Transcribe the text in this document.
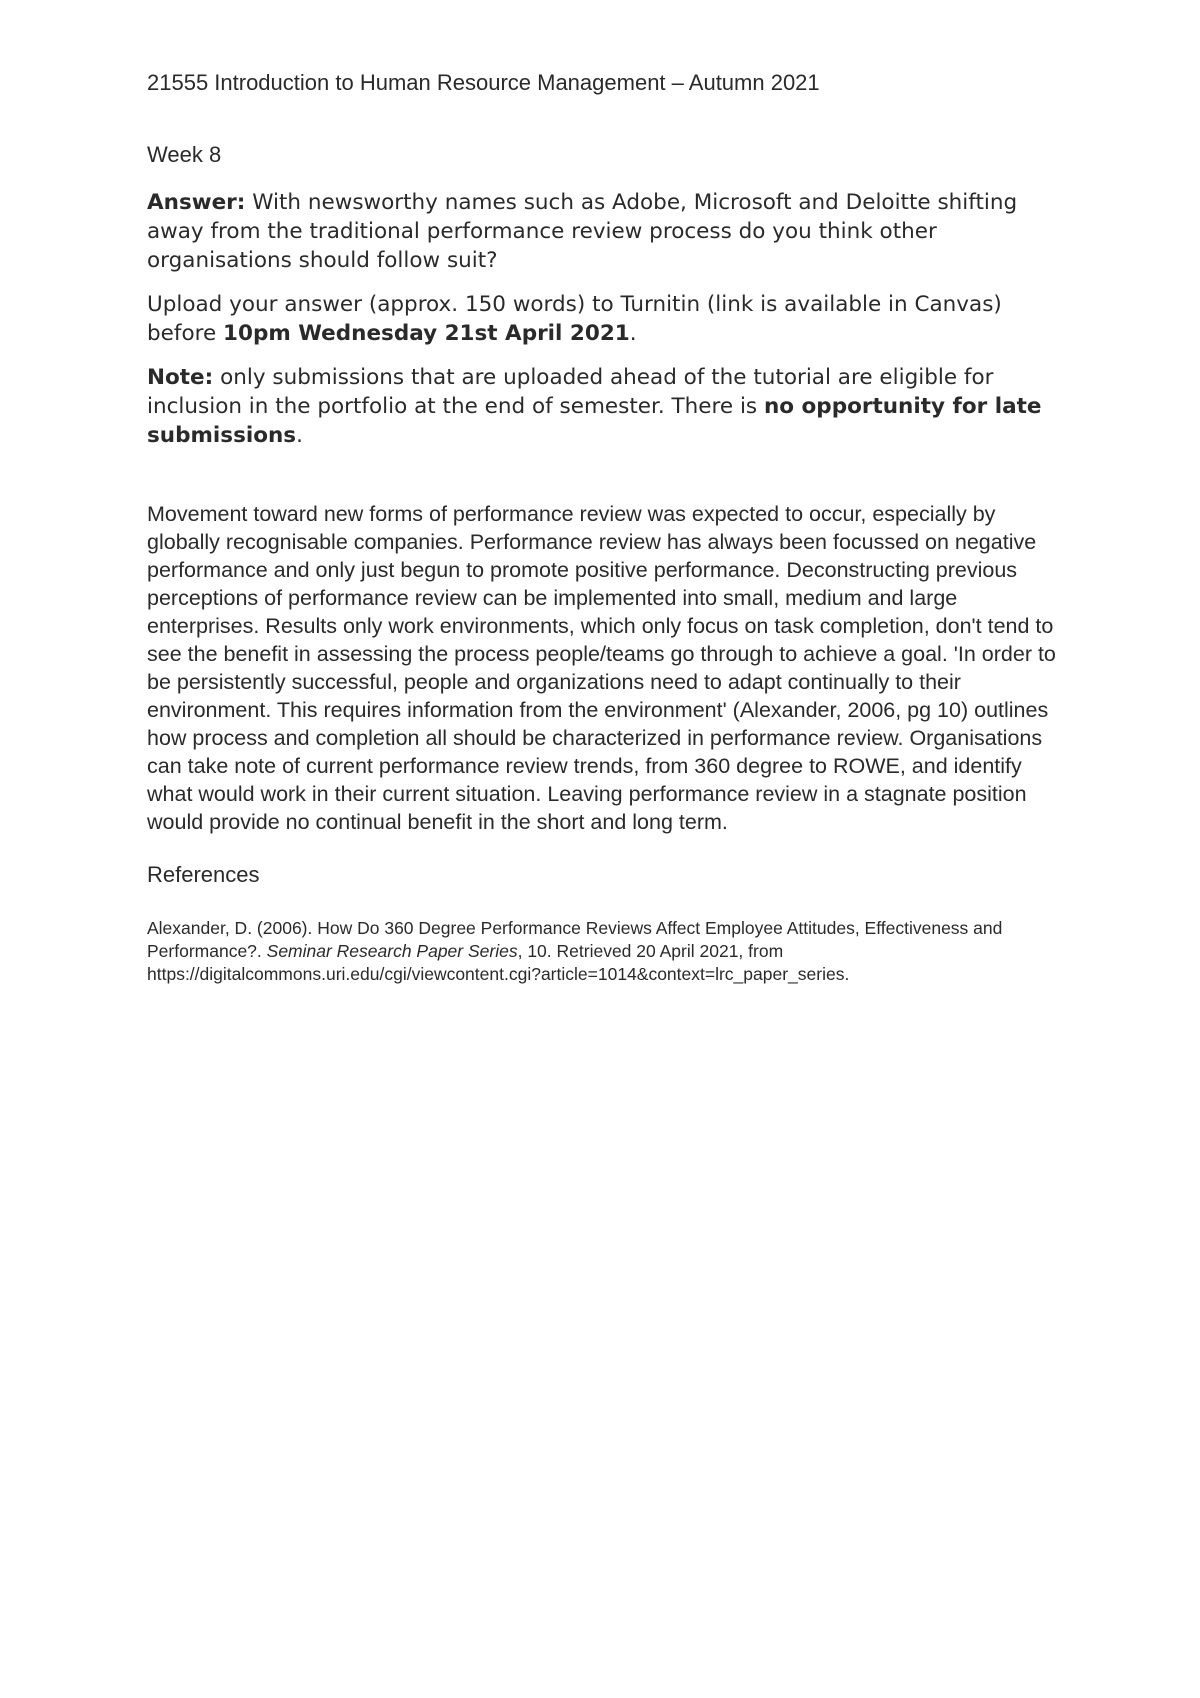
21555 Introduction to Human Resource Management – Autumn 2021

Week 8

Answer: With newsworthy names such as Adobe, Microsoft and Deloitte shifting away from the traditional performance review process do you think other organisations should follow suit?

Upload your answer (approx. 150 words) to Turnitin (link is available in Canvas) before 10pm Wednesday 21st April 2021.

Note: only submissions that are uploaded ahead of the tutorial are eligible for inclusion in the portfolio at the end of semester. There is no opportunity for late submissions.

Movement toward new forms of performance review was expected to occur, especially by globally recognisable companies. Performance review has always been focussed on negative performance and only just begun to promote positive performance. Deconstructing previous perceptions of performance review can be implemented into small, medium and large enterprises. Results only work environments, which only focus on task completion, don't tend to see the benefit in assessing the process people/teams go through to achieve a goal. 'In order to be persistently successful, people and organizations need to adapt continually to their environment. This requires information from the environment' (Alexander, 2006, pg 10) outlines how process and completion all should be characterized in performance review. Organisations can take note of current performance review trends, from 360 degree to ROWE, and identify what would work in their current situation. Leaving performance review in a stagnate position would provide no continual benefit in the short and long term.

References

Alexander, D. (2006). How Do 360 Degree Performance Reviews Affect Employee Attitudes, Effectiveness and Performance?. Seminar Research Paper Series, 10. Retrieved 20 April 2021, from https://digitalcommons.uri.edu/cgi/viewcontent.cgi?article=1014&context=lrc_paper_series.
